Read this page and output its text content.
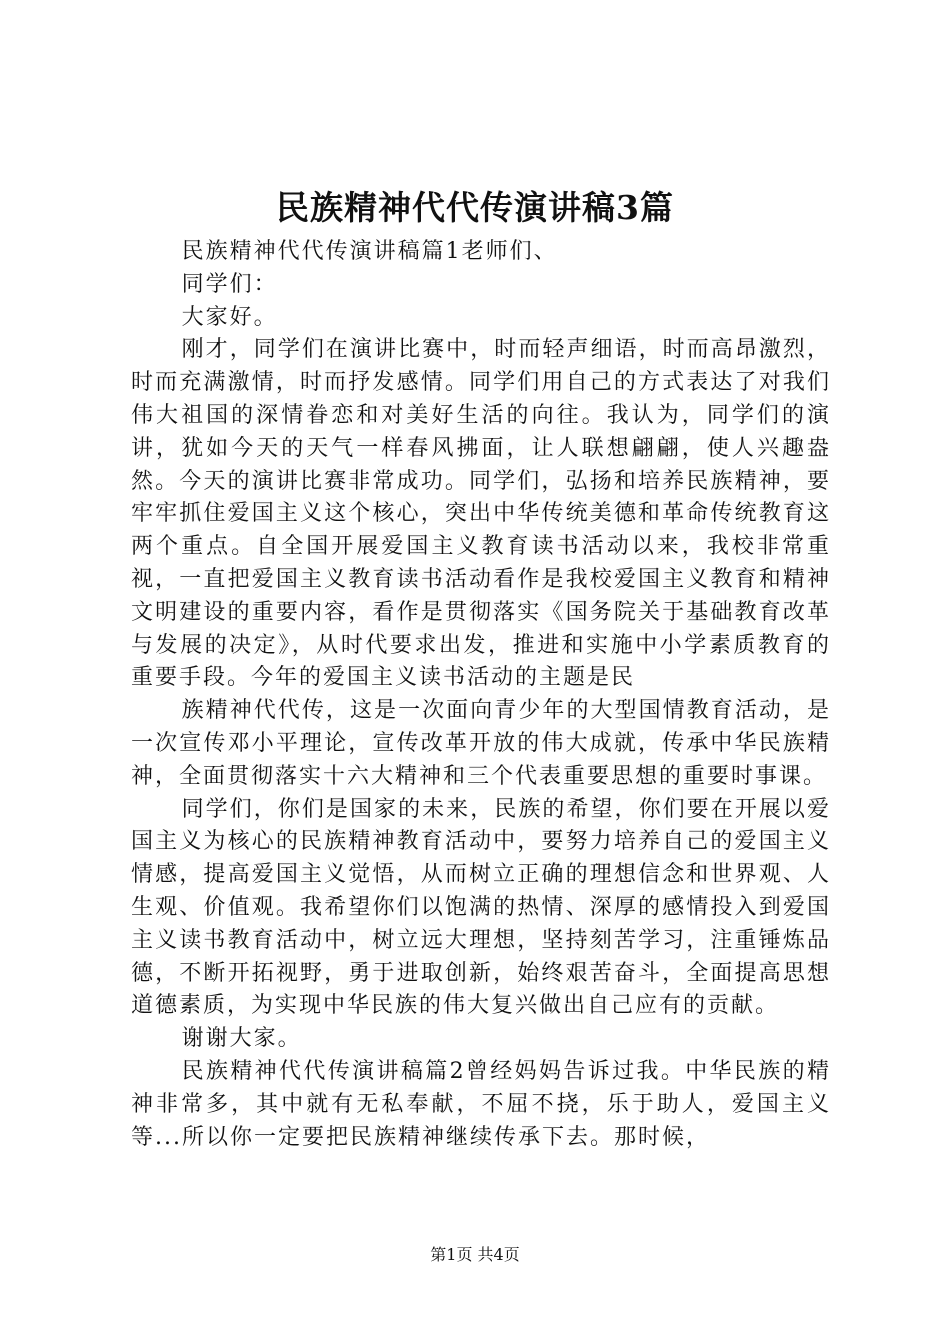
民族精神代代传演讲稿3篇

民族精神代代传演讲稿篇1老师们、

同学们：

大家好。

刚才，同学们在演讲比赛中，时而轻声细语，时而高昂激烈，时而充满激情，时而抒发感情。同学们用自己的方式表达了对我们伟大祖国的深情眷恋和对美好生活的向往。我认为，同学们的演讲，犹如今天的天气一样春风拂面，让人联想翩翩，使人兴趣盎然。今天的演讲比赛非常成功。同学们，弘扬和培养民族精神，要牢牢抓住爱国主义这个核心，突出中华传统美德和革命传统教育这两个重点。自全国开展爱国主义教育读书活动以来，我校非常重视，一直把爱国主义教育读书活动看作是我校爱国主义教育和精神文明建设的重要内容，看作是贯彻落实《国务院关于基础教育改革与发展的决定》，从时代要求出发，推进和实施中小学素质教育的重要手段。今年的爱国主义读书活动的主题是民

族精神代代传，这是一次面向青少年的大型国情教育活动，是一次宣传邓小平理论，宣传改革开放的伟大成就，传承中华民族精神，全面贯彻落实十六大精神和三个代表重要思想的重要时事课。

同学们，你们是国家的未来，民族的希望，你们要在开展以爱国主义为核心的民族精神教育活动中，要努力培养自己的爱国主义情感，提高爱国主义觉悟，从而树立正确的理想信念和世界观、人生观、价值观。我希望你们以饱满的热情、深厚的感情投入到爱国主义读书教育活动中，树立远大理想，坚持刻苦学习，注重锤炼品德，不断开拓视野，勇于进取创新，始终艰苦奋斗，全面提高思想道德素质，为实现中华民族的伟大复兴做出自己应有的贡献。

谢谢大家。

民族精神代代传演讲稿篇2曾经妈妈告诉过我。中华民族的精神非常多，其中就有无私奉献，不屈不挠，乐于助人，爱国主义等...所以你一定要把民族精神继续传承下去。那时候，

第1页 共4页
